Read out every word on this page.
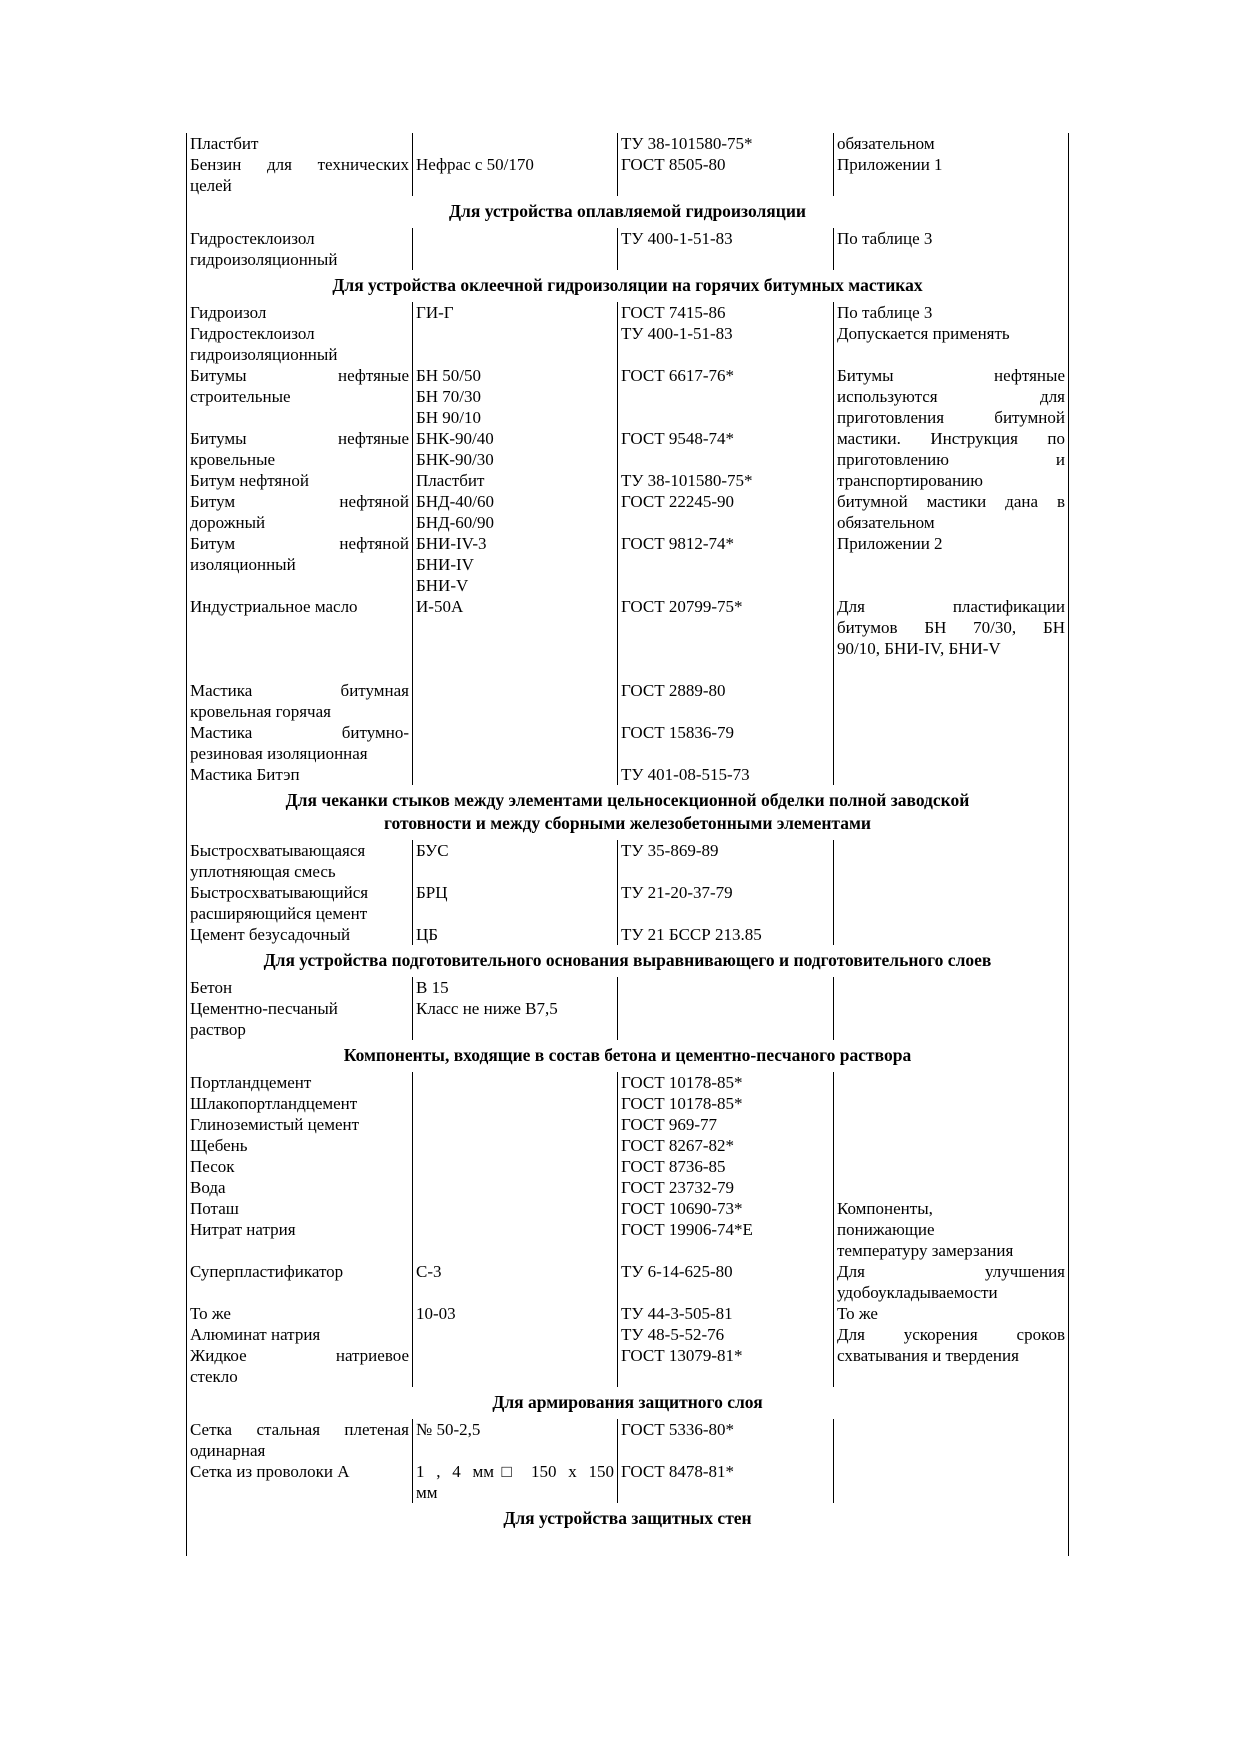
Пластбит
Бензин для технических
целей
Нефрас с 50/170
ТУ 38-101580-75*
ГОСТ 8505-80
обязательном
Приложении 1
Для устройства оплавляемой гидроизоляции
Гидростеклоизол
гидроизоляционный
ТУ 400-1-51-83	По таблице 3
Для устройства оклеечной гидроизоляции на горячих битумных мастиках
Гидроизол
Гидростеклоизол
гидроизоляционный
Битумы нефтяные
строительные
Битумы нефтяные
кровельные
Битум нефтяной
Битум нефтяной
дорожный
Битум нефтяной
изоляционный
Индустриальное масло
Мастика битумная
кровельная горячая
Мастика битумно-
резиновая изоляционная
Мастика Битэп
ГИ-Г
БН 50/50
БН 70/30
БН 90/10
БНК-90/40
БНК-90/30
Пластбит
БНД-40/60
БНД-60/90
БНИ-IV-3
БНИ-IV
БНИ-V
И-50А
ГОСТ 7415-86
ТУ 400-1-51-83
ГОСТ 6617-76*
ГОСТ 9548-74*
ТУ 38-101580-75*
ГОСТ 22245-90
ГОСТ 9812-74*
ГОСТ 20799-75*
ГОСТ 2889-80
ГОСТ 15836-79
ТУ 401-08-515-73
По таблице 3
Допускается применять
Битумы нефтяные
используются для
приготовления битумной
мастики. Инструкция по
приготовлению и
транспортированию
битумной мастики дана в
обязательном
Приложении 2
Для пластификации
битумов БН 70/30, БН
90/10, БНИ-IV, БНИ-V
Для чеканки стыков между элементами цельносекционной обделки полной заводской
готовности и между сборными железобетонными элементами
Быстросхватывающаяся
уплотняющая смесь
Быстросхватывающийся
расширяющийся цемент
Цемент безусадочный
БУС
БРЦ
ЦБ
ТУ 35-869-89
ТУ 21-20-37-79
ТУ 21 БССР 213.85
Для устройства подготовительного основания выравнивающего и подготовительного слоев
Бетон
Цементно-песчаный
раствор
В 15
Класс не ниже В7,5
Компоненты, входящие в состав бетона и цементно-песчаного раствора
Портландцемент
Шлакопортландцемент
Глиноземистый цемент
Щебень
Песок
Вода
Поташ
Нитрат натрия
Суперпластификатор
То же
Алюминат натрия
Жидкое натриевое
стекло
С-3
10-03
ГОСТ 10178-85*
ГОСТ 10178-85*
ГОСТ 969-77
ГОСТ 8267-82*
ГОСТ 8736-85
ГОСТ 23732-79
ГОСТ 10690-73*
ГОСТ 19906-74*Е
ТУ 6-14-625-80
ТУ 44-3-505-81
ТУ 48-5-52-76
ГОСТ 13079-81*
Компоненты,
понижающие
температуру замерзания
Для улучшения
удобоукладываемости
То же
Для ускорения сроков
схватывания и твердения
Для армирования защитного слоя
Сетка стальная плетеная
одинарная
Сетка из проволоки А
№ 50-2,5
1 , 4 мм□ 150 х 150
мм
ГОСТ 5336-80*
ГОСТ 8478-81*
Для устройства защитных стен
